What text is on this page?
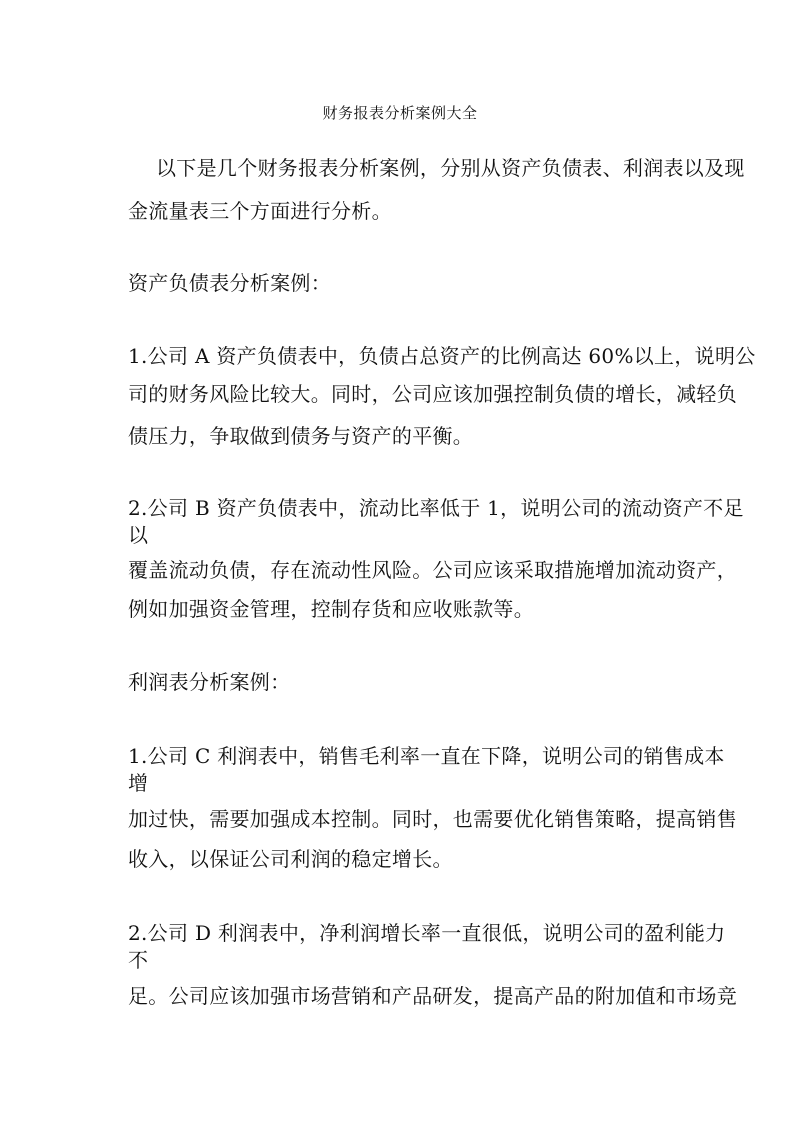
财务报表分析案例大全
以下是几个财务报表分析案例，分别从资产负债表、利润表以及现
金流量表三个方面进行分析。
资产负债表分析案例：
1.公司 A 资产负债表中，负债占总资产的比例高达 60%以上，说明公
司的财务风险比较大。同时，公司应该加强控制负债的增长，减轻负
债压力，争取做到债务与资产的平衡。
2.公司 B 资产负债表中，流动比率低于 1，说明公司的流动资产不足
以
覆盖流动负债，存在流动性风险。公司应该采取措施增加流动资产，
例如加强资金管理，控制存货和应收账款等。
利润表分析案例：
1.公司 C 利润表中，销售毛利率一直在下降，说明公司的销售成本
增
加过快，需要加强成本控制。同时，也需要优化销售策略，提高销售
收入，以保证公司利润的稳定增长。
2.公司 D 利润表中，净利润增长率一直很低，说明公司的盈利能力
不
足。公司应该加强市场营销和产品研发，提高产品的附加值和市场竞
